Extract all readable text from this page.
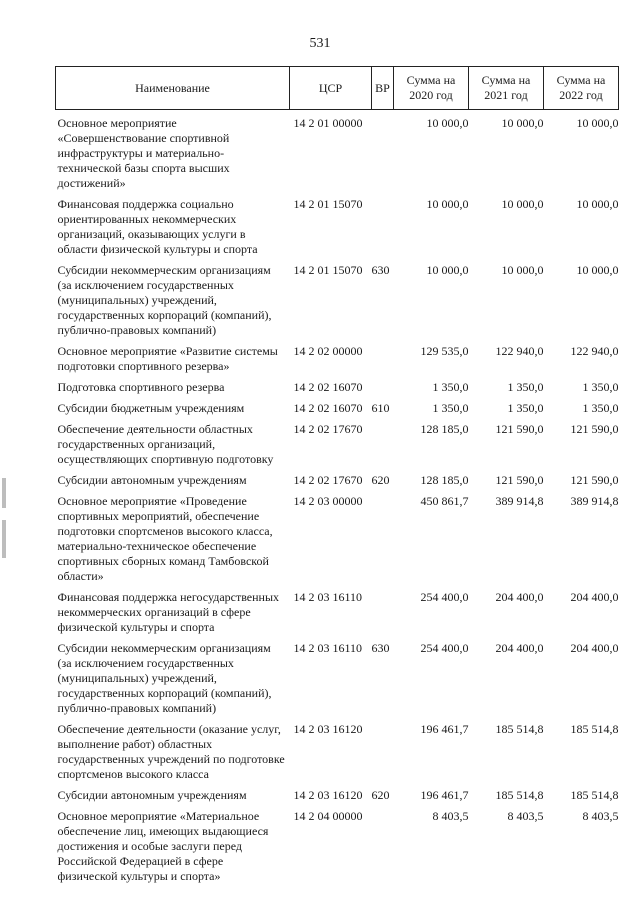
531
Наименование	ЦСР	ВР	Сумма на 2020 год	Сумма на 2021 год	Сумма на 2022 год
Основное мероприятие «Совершенствование спортивной инфраструктуры и материально-технической базы спорта высших достижений»	14 2 01 00000		10 000,0	10 000,0	10 000,0
Финансовая поддержка социально ориентированных некоммерческих организаций, оказывающих услуги в области физической культуры и спорта	14 2 01 15070		10 000,0	10 000,0	10 000,0
Субсидии некоммерческим организациям (за исключением государственных (муниципальных) учреждений, государственных корпораций (компаний), публично-правовых компаний)	14 2 01 15070	630	10 000,0	10 000,0	10 000,0
Основное мероприятие «Развитие системы подготовки спортивного резерва»	14 2 02 00000		129 535,0	122 940,0	122 940,0
Подготовка спортивного резерва	14 2 02 16070		1 350,0	1 350,0	1 350,0
Субсидии бюджетным учреждениям	14 2 02 16070	610	1 350,0	1 350,0	1 350,0
Обеспечение деятельности областных государственных организаций, осуществляющих спортивную подготовку	14 2 02 17670		128 185,0	121 590,0	121 590,0
Субсидии автономным учреждениям	14 2 02 17670	620	128 185,0	121 590,0	121 590,0
Основное мероприятие «Проведение спортивных мероприятий, обеспечение подготовки спортсменов высокого класса, материально-техническое обеспечение спортивных сборных команд Тамбовской области»	14 2 03 00000		450 861,7	389 914,8	389 914,8
Финансовая поддержка негосударственных некоммерческих организаций в сфере физической культуры и спорта	14 2 03 16110		254 400,0	204 400,0	204 400,0
Субсидии некоммерческим организациям (за исключением государственных (муниципальных) учреждений, государственных корпораций (компаний), публично-правовых компаний)	14 2 03 16110	630	254 400,0	204 400,0	204 400,0
Обеспечение деятельности (оказание услуг, выполнение работ) областных государственных учреждений по подготовке спортсменов высокого класса	14 2 03 16120		196 461,7	185 514,8	185 514,8
Субсидии автономным учреждениям	14 2 03 16120	620	196 461,7	185 514,8	185 514,8
Основное мероприятие «Материальное обеспечение лиц, имеющих выдающиеся достижения и особые заслуги перед Российской Федерацией в сфере физической культуры и спорта»	14 2 04 00000		8 403,5	8 403,5	8 403,5
